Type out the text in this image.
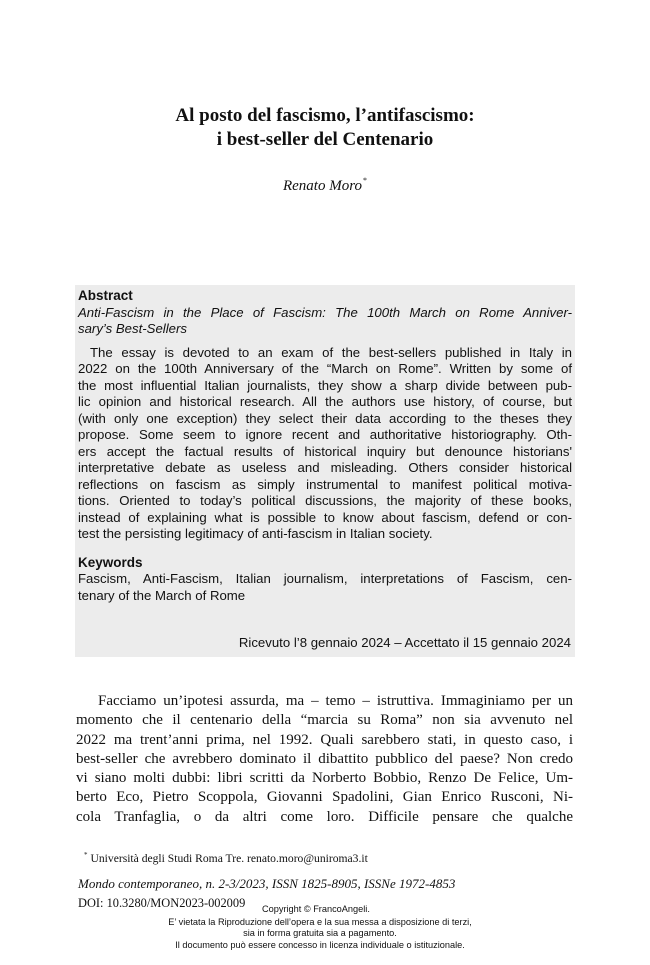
Al posto del fascismo, l’antifascismo:
i best-seller del Centenario
Renato Moro*
Abstract
Anti-Fascism in the Place of Fascism: The 100th March on Rome Anniver-
sary’s Best-Sellers
The essay is devoted to an exam of the best-sellers published in Italy in
2022 on the 100th Anniversary of the “March on Rome”. Written by some of
the most influential Italian journalists, they show a sharp divide between pub-
lic opinion and historical research. All the authors use history, of course, but
(with only one exception) they select their data according to the theses they
propose. Some seem to ignore recent and authoritative historiography. Oth-
ers accept the factual results of historical inquiry but denounce historians'
interpretative debate as useless and misleading. Others consider historical
reflections on fascism as simply instrumental to manifest political motiva-
tions. Oriented to today’s political discussions, the majority of these books,
instead of explaining what is possible to know about fascism, defend or con-
test the persisting legitimacy of anti-fascism in Italian society.
Keywords
Fascism, Anti-Fascism, Italian journalism, interpretations of Fascism, cen-
tenary of the March of Rome
Ricevuto l’8 gennaio 2024 – Accettato il 15 gennaio 2024
Facciamo un’ipotesi assurda, ma – temo – istruttiva. Immaginiamo per un
momento che il centenario della “marcia su Roma” non sia avvenuto nel
2022 ma trent’anni prima, nel 1992. Quali sarebbero stati, in questo caso, i
best-seller che avrebbero dominato il dibattito pubblico del paese? Non credo
vi siano molti dubbi: libri scritti da Norberto Bobbio, Renzo De Felice, Um-
berto Eco, Pietro Scoppola, Giovanni Spadolini, Gian Enrico Rusconi, Ni-
cola Tranfaglia, o da altri come loro. Difficile pensare che qualche
* Università degli Studi Roma Tre. renato.moro@uniroma3.it
Mondo contemporaneo, n. 2-3/2023, ISSN 1825-8905, ISSNe 1972-4853
DOI: 10.3280/MON2023-002009 Copyright © FrancoAngeli.
E’ vietata la Riproduzione dell’opera e la sua messa a disposizione di terzi,
sia in forma gratuita sia a pagamento.
Il documento può essere concesso in licenza individuale o istituzionale.
